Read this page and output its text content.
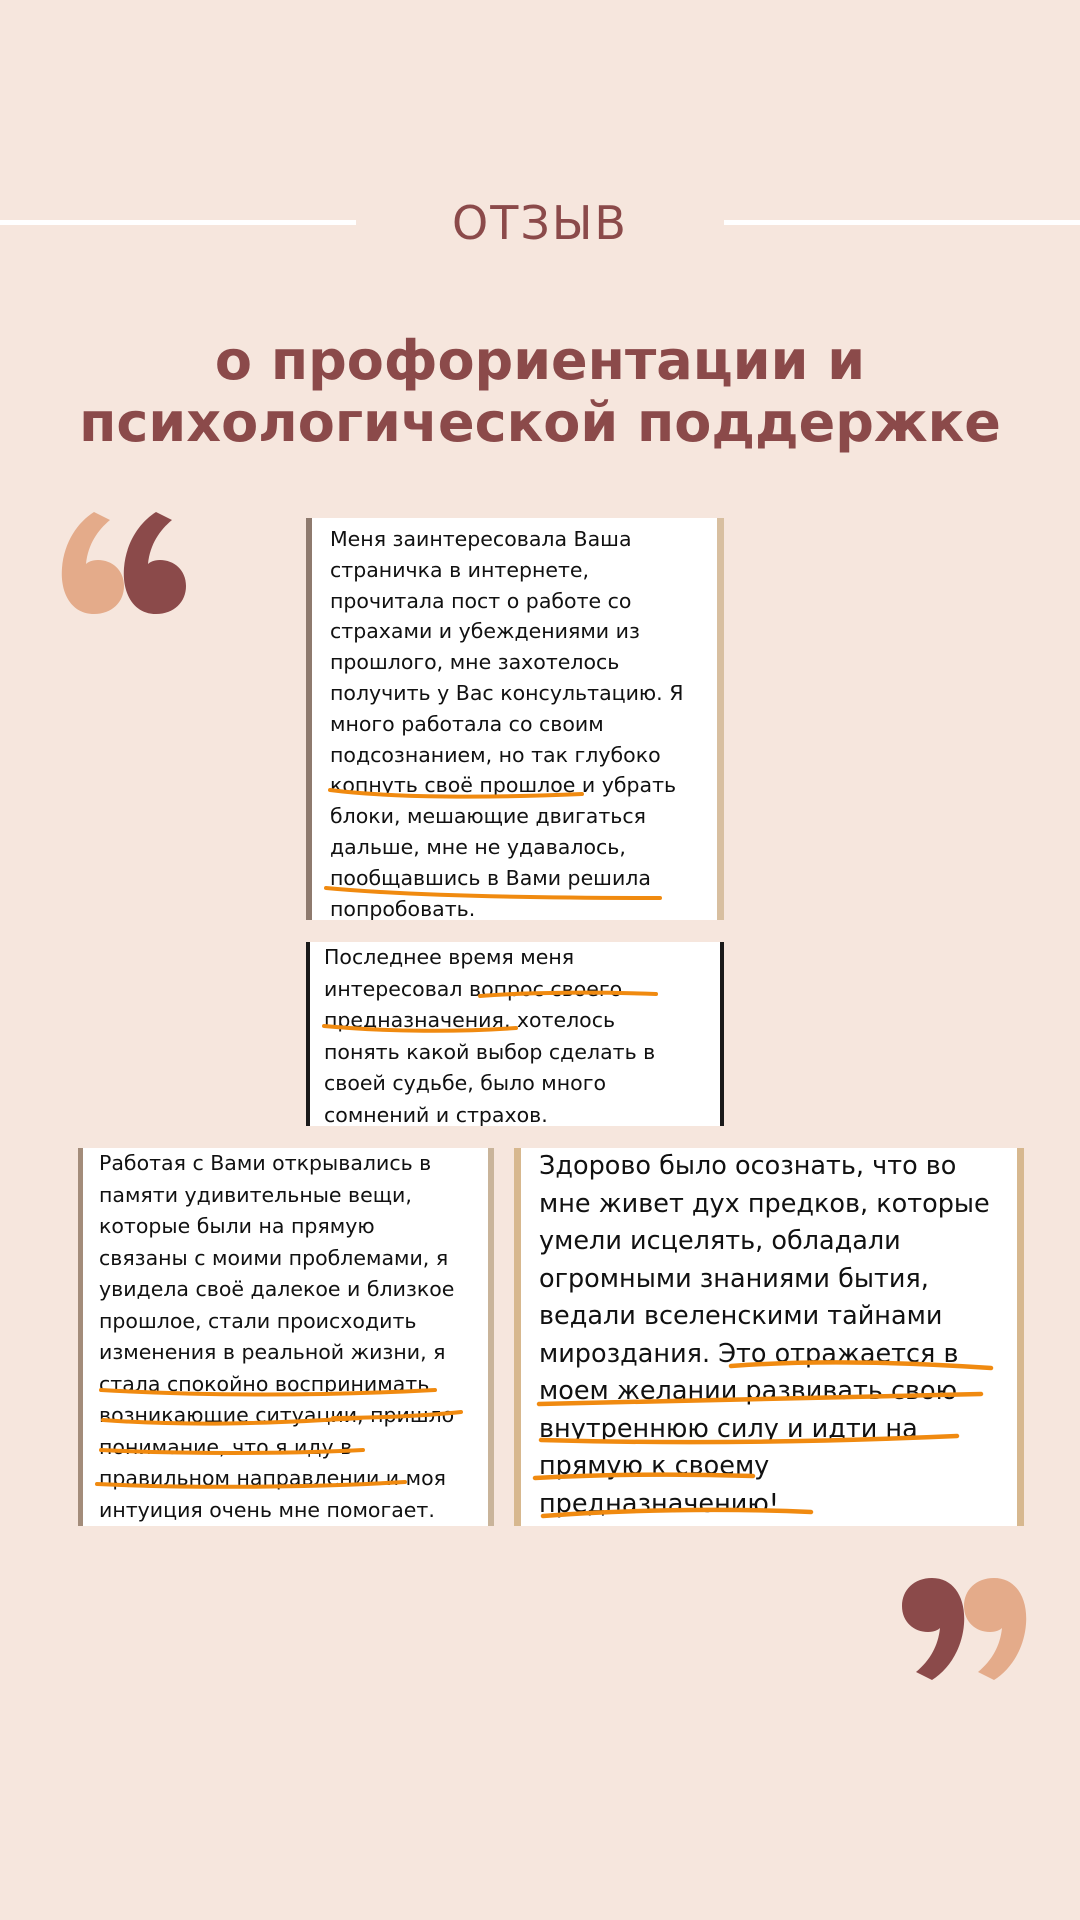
ОТЗЫВ
о профориентации и
психологической поддержке
Меня заинтересовала Ваша
страничка в интернете,
прочитала пост о работе со
страхами и убеждениями из
прошлого, мне захотелось
получить у Вас консультацию. Я
много работала со своим
подсознанием, но так глубоко
копнуть своё прошлое и убрать
блоки, мешающие двигаться
дальше, мне не удавалось,
пообщавшись в Вами решила
попробовать.
Последнее время меня
интересовал вопрос своего
предназначения, хотелось
понять какой выбор сделать в
своей судьбе, было много
сомнений и страхов.
Работая с Вами открывались в
памяти удивительные вещи,
которые были на прямую
связаны с моими проблемами, я
увидела своё далекое и близкое
прошлое, стали происходить
изменения в реальной жизни, я
стала спокойно воспринимать
возникающие ситуации, пришло
понимание, что я иду в
правильном направлении и моя
интуиция очень мне помогает.
Здорово было осознать, что во
мне живет дух предков, которые
умели исцелять, обладали
огромными знаниями бытия,
ведали вселенскими тайнами
мироздания. Это отражается в
моем желании развивать свою
внутреннюю силу и идти на
прямую к своему
предназначению!
